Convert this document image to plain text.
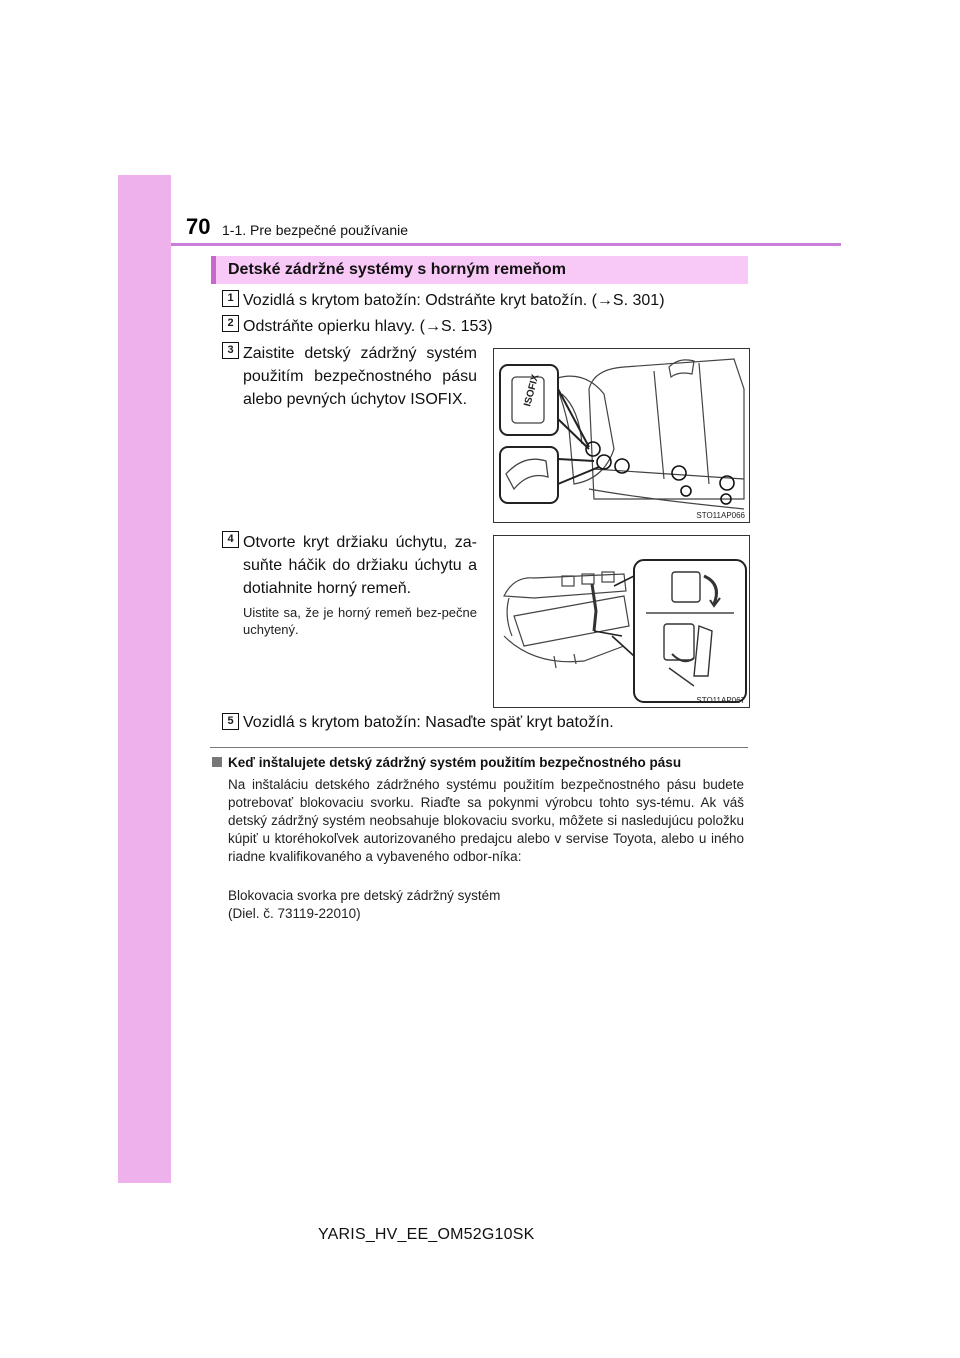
70 1-1. Pre bezpečné používanie
Detské zádržné systémy s horným remeňom
1 Vozidlá s krytom batožín: Odstráňte kryt batožín. (→S. 301)
2 Odstráňte opierku hlavy. (→S. 153)
3 Zaistite detský zádržný systém použitím bezpečnostného pásu alebo pevných úchytov ISOFIX.	ISOFIX
STO11AP066
4 Otvorte kryt držiaku úchytu, za-suňte háčik do držiaku úchytu a dotiahnite horný remeň.
Uistite sa, že je horný remeň bez-pečne uchytený.
STO11AP067
5 Vozidlá s krytom batožín: Nasaďte späť kryt batožín.
Keď inštalujete detský zádržný systém použitím bezpečnostného pásu
Na inštaláciu detského zádržného systému použitím bezpečnostného pásu budete potrebovať blokovaciu svorku. Riaďte sa pokynmi výrobcu tohto sys-tému. Ak váš detský zádržný systém neobsahuje blokovaciu svorku, môžete si nasledujúcu položku kúpiť u ktoréhokoľvek autorizovaného predajcu alebo v servise Toyota, alebo u iného riadne kvalifikovaného a vybaveného odbor-níka:
Blokovacia svorka pre detský zádržný systém
(Diel. č. 73119-22010)
YARIS_HV_EE_OM52G10SK
